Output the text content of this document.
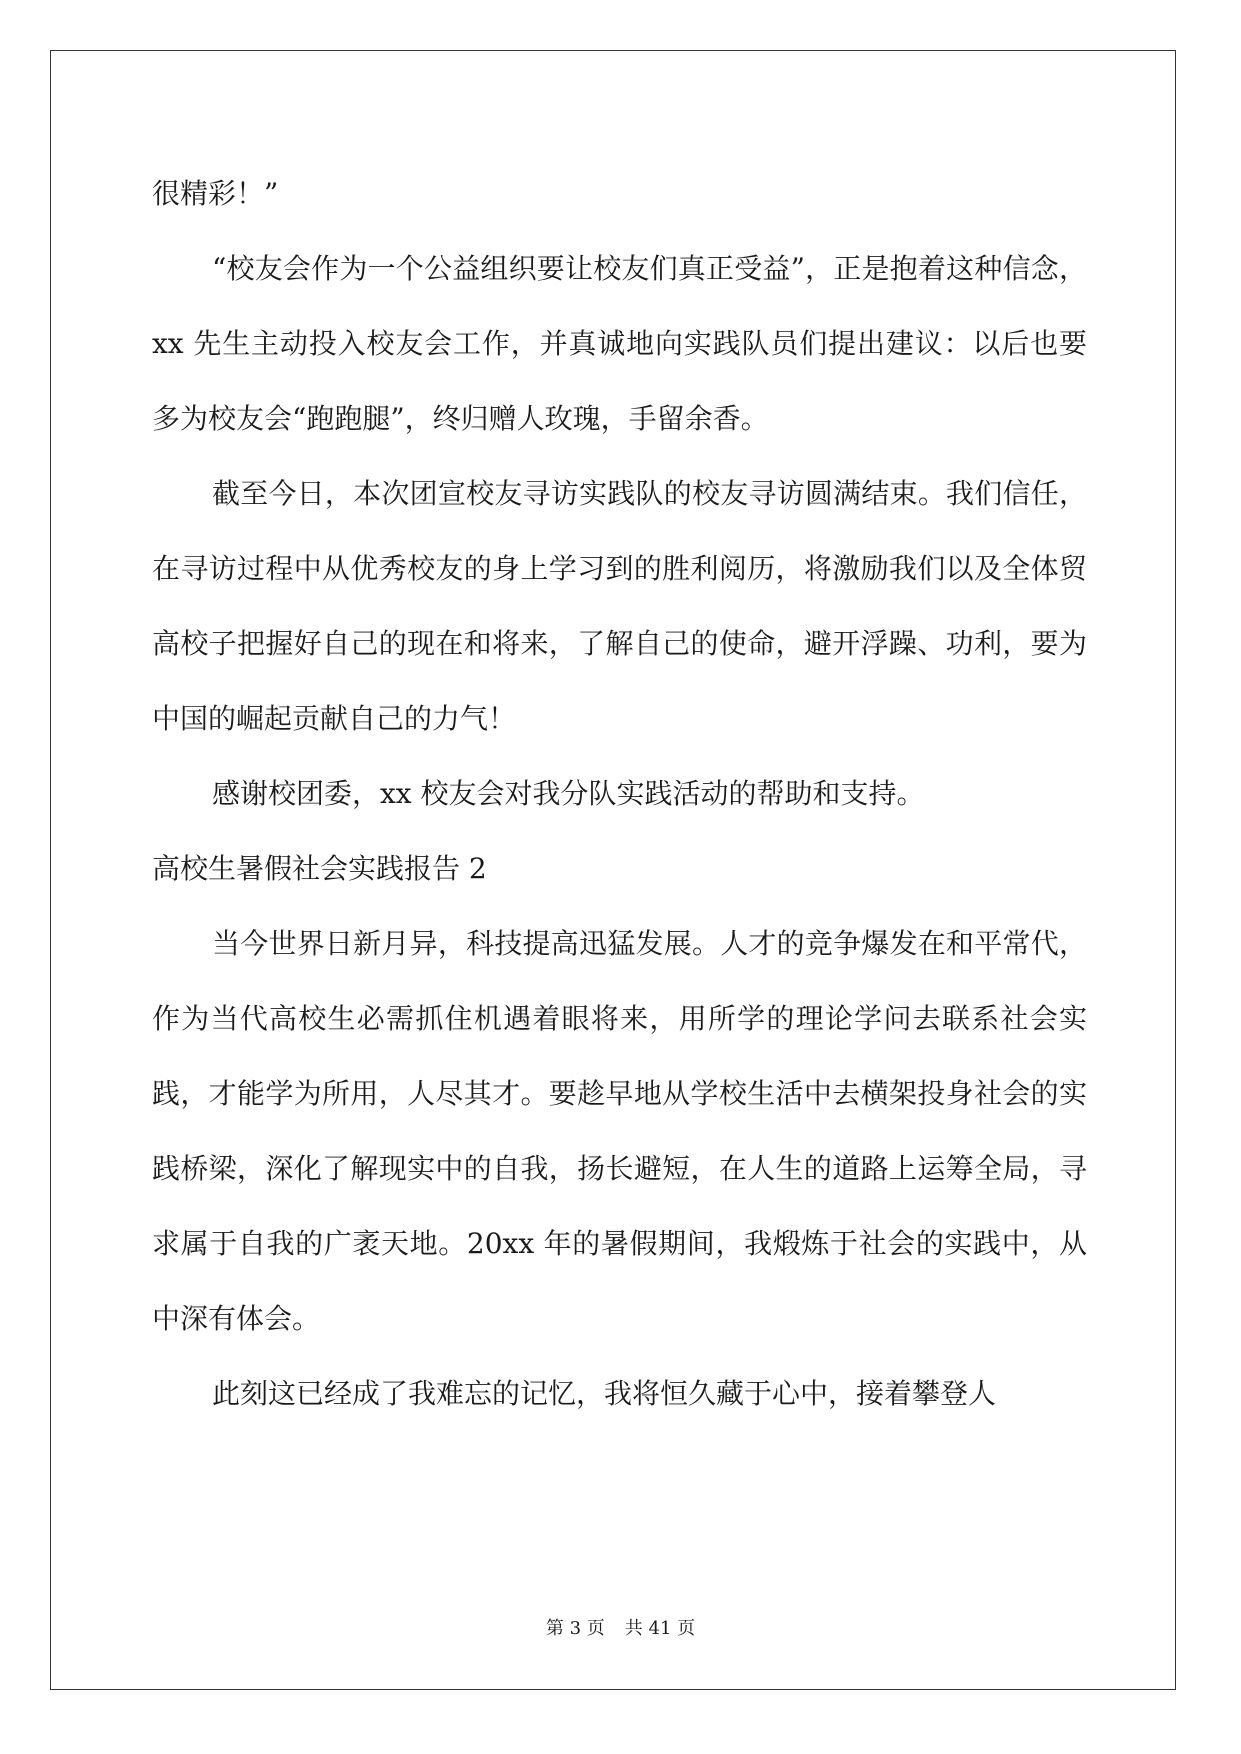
很精彩！”

“校友会作为一个公益组织要让校友们真正受益”，正是抱着这种信念，xx 先生主动投入校友会工作，并真诚地向实践队员们提出建议：以后也要多为校友会“跑跑腿”，终归赠人玫瑰，手留余香。

截至今日，本次团宣校友寻访实践队的校友寻访圆满结束。我们信任，在寻访过程中从优秀校友的身上学习到的胜利阅历，将激励我们以及全体贸高校子把握好自己的现在和将来，了解自己的使命，避开浮躁、功利，要为中国的崛起贡献自己的力气！

感谢校团委，xx 校友会对我分队实践活动的帮助和支持。

高校生暑假社会实践报告 2

当今世界日新月异，科技提高迅猛发展。人才的竞争爆发在和平常代，作为当代高校生必需抓住机遇着眼将来，用所学的理论学问去联系社会实践，才能学为所用，人尽其才。要趁早地从学校生活中去横架投身社会的实践桥梁，深化了解现实中的自我，扬长避短，在人生的道路上运筹全局，寻求属于自我的广袤天地。20xx 年的暑假期间，我煅炼于社会的实践中，从中深有体会。

此刻这已经成了我难忘的记忆，我将恒久藏于心中，接着攀登人

第 3 页 共 41 页
